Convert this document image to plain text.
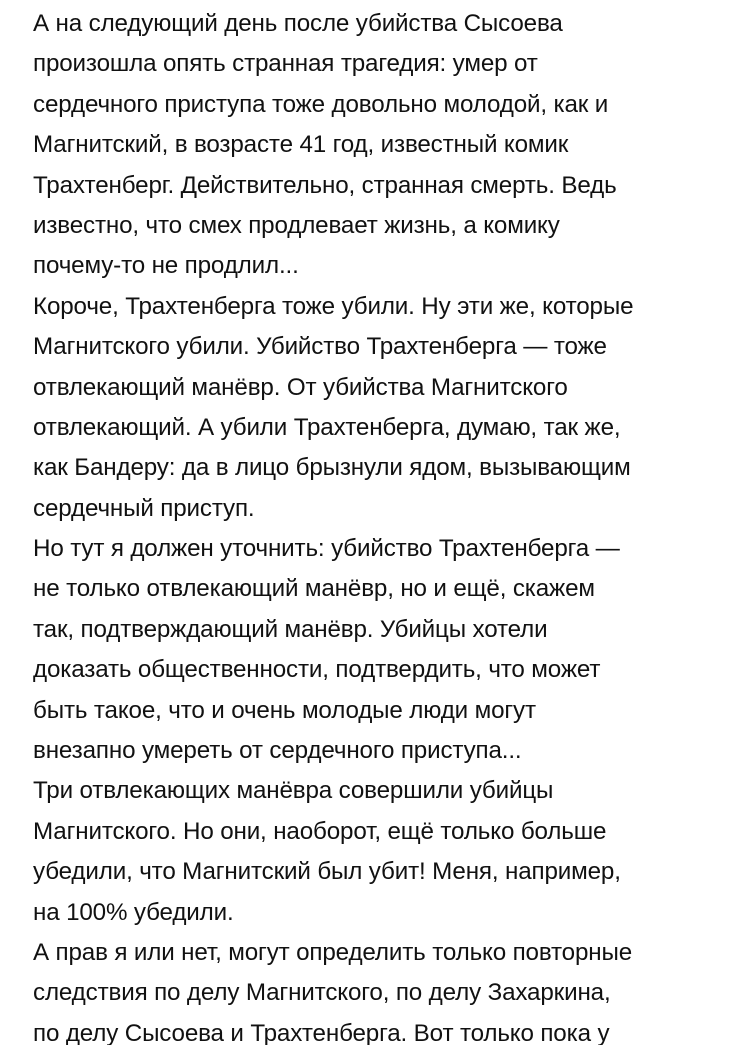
А на следующий день после убийства Сысоева
произошла опять странная трагедия: умер от
сердечного приступа тоже довольно молодой, как и
Магнитский, в возрасте 41 год, известный комик
Трахтенберг. Действительно, странная смерть. Ведь
известно, что смех продлевает жизнь, а комику
почему-то не продлил...
Короче, Трахтенберга тоже убили. Ну эти же, которые
Магнитского убили. Убийство Трахтенберга — тоже
отвлекающий манёвр. От убийства Магнитского
отвлекающий. А убили Трахтенберга, думаю, так же,
как Бандеру: да в лицо брызнули ядом, вызывающим
сердечный приступ.
Но тут я должен уточнить: убийство Трахтенберга —
не только отвлекающий манёвр, но и ещё, скажем
так, подтверждающий манёвр. Убийцы хотели
доказать общественности, подтвердить, что может
быть такое, что и очень молодые люди могут
внезапно умереть от сердечного приступа...
Три отвлекающих манёвра совершили убийцы
Магнитского. Но они, наоборот, ещё только больше
убедили, что Магнитский был убит! Меня, например,
на 100% убедили.
А прав я или нет, могут определить только повторные
следствия по делу Магнитского, по делу Захаркина,
по делу Сысоева и Трахтенберга. Вот только пока у
